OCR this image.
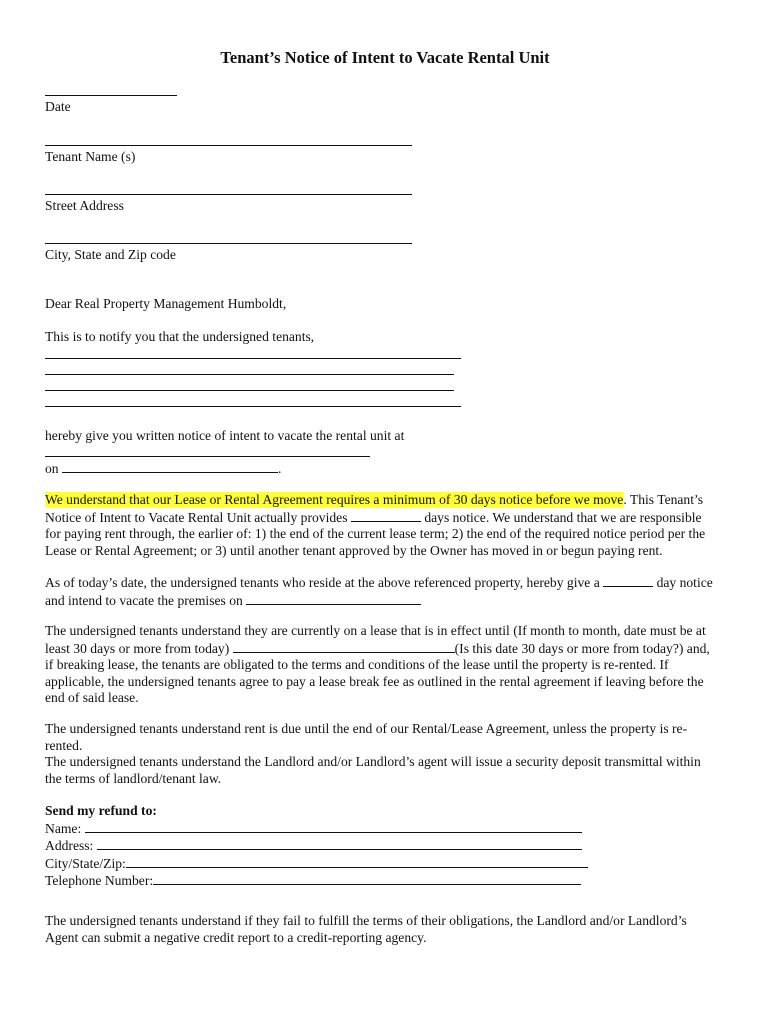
Tenant’s Notice of Intent to Vacate Rental Unit
Date
Tenant Name (s)
Street Address
City, State and Zip code
Dear Real Property Management Humboldt,
This is to notify you that the undersigned tenants,
hereby give you written notice of intent to vacate the rental unit at
on	.
We understand that our Lease or Rental Agreement requires a minimum of 30 days notice before we move. This Tenant’s
Notice of Intent to Vacate Rental Unit actually provides	days notice. We understand that we are responsible
for paying rent through, the earlier of: 1) the end of the current lease term; 2) the end of the required notice period per the
Lease or Rental Agreement; or 3) until another tenant approved by the Owner has moved in or begun paying rent.
As of today’s date, the undersigned tenants who reside at the above referenced property, hereby give a	day notice
and intend to vacate the premises on
The undersigned tenants understand they are currently on a lease that is in effect until (If month to month, date must be at
least 30 days or more from today)	(Is this date 30 days or more from today?) and,
if breaking lease, the tenants are obligated to the terms and conditions of the lease until the property is re-rented. If
applicable, the undersigned tenants agree to pay a lease break fee as outlined in the rental agreement if leaving before the
end of said lease.
The undersigned tenants understand rent is due until the end of our Rental/Lease Agreement, unless the property is re-
rented.
The undersigned tenants understand the Landlord and/or Landlord’s agent will issue a security deposit transmittal within
the terms of landlord/tenant law.
Send my refund to:
Name:
Address:
City/State/Zip:
Telephone Number:
The undersigned tenants understand if they fail to fulfill the terms of their obligations, the Landlord and/or Landlord’s
Agent can submit a negative credit report to a credit-reporting agency.
